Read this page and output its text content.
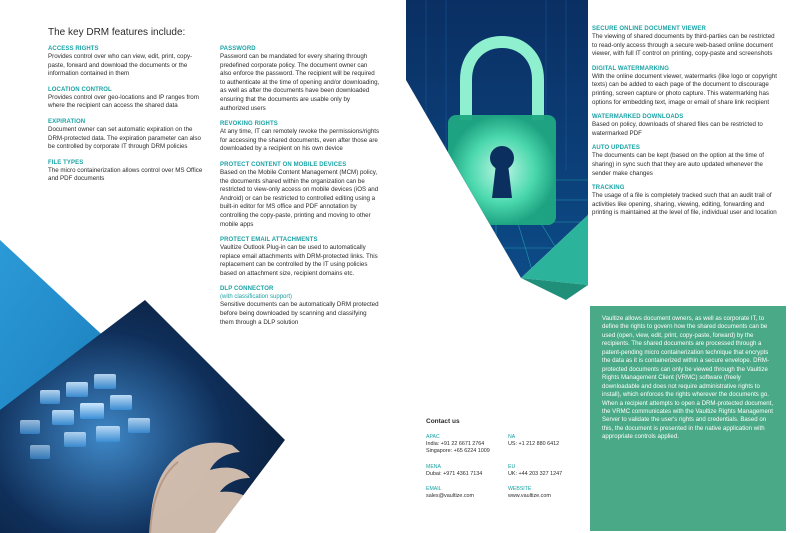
The key DRM features include:
ACCESS RIGHTS
Provides control over who can view, edit, print, copy-paste, forward and download the documents or the information contained in them
LOCATION CONTROL
Provides control over geo-locations and IP ranges from where the recipient can access the shared data
EXPIRATION
Document owner can set automatic expiration on the DRM-protected data. The expiration parameter can also be controlled by corporate IT through DRM policies
FILE TYPES
The micro containerization allows control over MS Office and PDF documents
PASSWORD
Password can be mandated for every sharing through predefined corporate policy. The document owner can also enforce the password. The recipient will be required to authenticate at the time of opening and/or downloading, as well as after the documents have been downloaded ensuring that the documents are usable only by authorized users
REVOKING RIGHTS
At any time, IT can remotely revoke the permissions/rights for accessing the shared documents, even after those are downloaded by a recipient on his own device
PROTECT CONTENT ON MOBILE DEVICES
Based on the Mobile Content Management (MCM) policy, the documents shared within the organization can be restricted to view-only access on mobile devices (iOS and Android) or can be restricted to controlled editing using a built-in editor for MS office and PDF annotation by controlling the copy-paste, printing and moving to other mobile apps
PROTECT EMAIL ATTACHMENTS
Vaultize Outlook Plug-in can be used to automatically replace email attachments with DRM-protected links. This replacement can be controlled by the IT using policies based on attachment size, recipient domains etc.
DLP CONNECTOR
(with classification support)
Sensitive documents can be automatically DRM protected before being downloaded by scanning and classifying them through a DLP solution
SECURE ONLINE DOCUMENT VIEWER
The viewing of shared documents by third-parties can be restricted to read-only access through a secure web-based online document viewer, with full IT control on printing, copy-paste and screenshots
DIGITAL WATERMARKING
With the online document viewer, watermarks (like logo or copyright texts) can be added to each page of the document to discourage printing, screen capture or photo capture. This watermarking has options for embedding text, image or email of share link recipient
WATERMARKED DOWNLOADS
Based on policy, downloads of shared files can be restricted to watermarked PDF
AUTO UPDATES
The documents can be kept (based on the option at the time of sharing) in sync such that they are auto updated whenever the sender make changes
TRACKING
The usage of a file is completely tracked such that an audit trail of activities like opening, sharing, viewing, editing, forwarding and printing is maintained at the level of file, individual user and location
Vaultize allows document owners, as well as corporate IT, to define the rights to govern how the shared documents can be used (open, view, edit, print, copy-paste, forward) by the recipients. The shared documents are processed through a patent-pending micro containerization technique that encrypts the data as it is containerized within a secure envelope. DRM-protected documents can only be viewed through the Vaultize Rights Management Client (VRMC) software (freely downloadable and does not require administrative rights to install), which enforces the rights wherever the documents go. When a recipient attempts to open a DRM-protected document, the VRMC communicates with the Vaultize Rights Management Server to validate the user's rights and credentials. Based on this, the document is presented in the native application with appropriate controls applied.
Contact us
APAC
India: +91 22 6671 2764
Singapore: +65 6224 1009
NA
US: +1 212 880 6412
MENA
Dubai: +971 4361 7134
EU
UK: +44 203 327 1247
EMAIL
sales@vaultize.com
WEBSITE
www.vaultize.com
